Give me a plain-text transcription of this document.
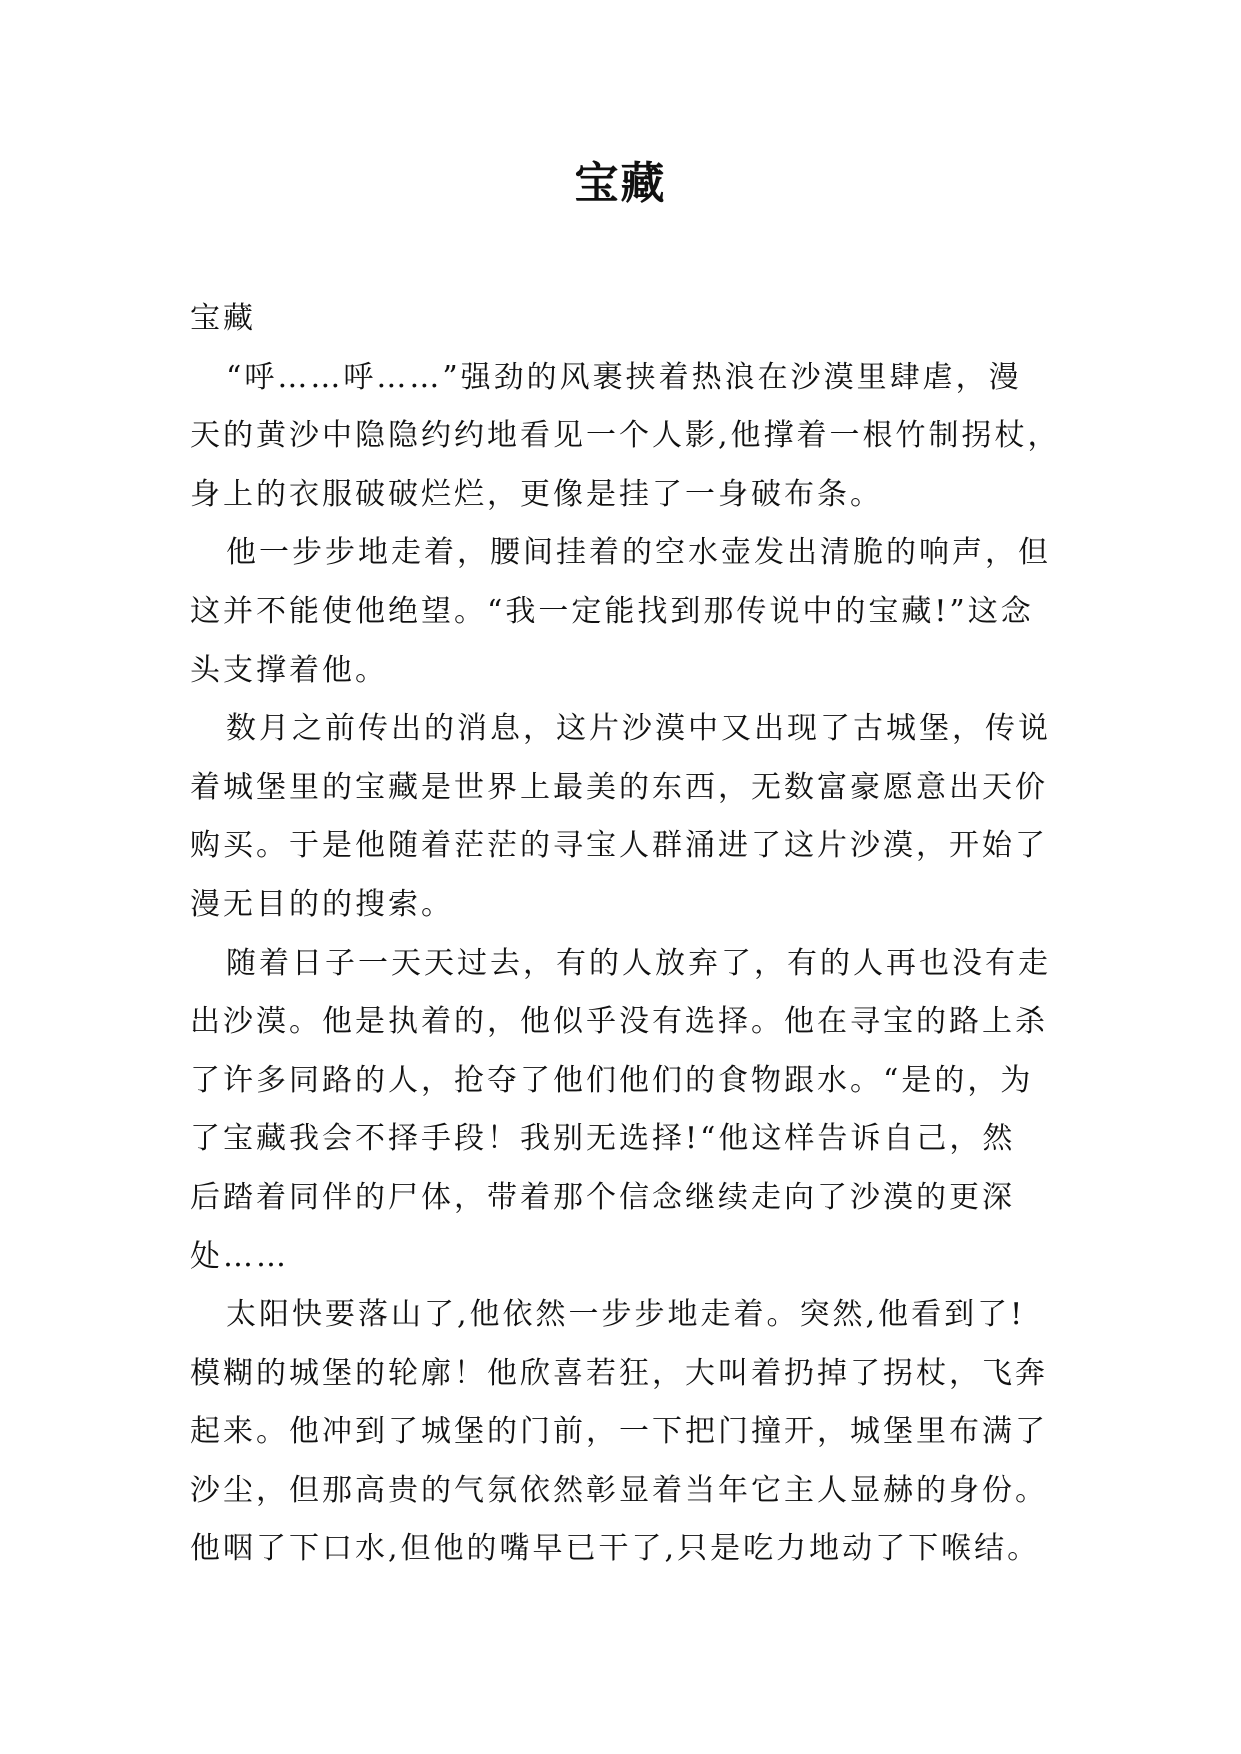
宝藏
宝藏
“呼……呼……”强劲的风裹挟着热浪在沙漠里肆虐，漫
天的黄沙中隐隐约约地看见一个人影,他撑着一根竹制拐杖，
身上的衣服破破烂烂，更像是挂了一身破布条。
他一步步地走着，腰间挂着的空水壶发出清脆的响声，但
这并不能使他绝望。“我一定能找到那传说中的宝藏!”这念
头支撑着他。
数月之前传出的消息，这片沙漠中又出现了古城堡，传说
着城堡里的宝藏是世界上最美的东西，无数富豪愿意出天价
购买。于是他随着茫茫的寻宝人群涌进了这片沙漠，开始了
漫无目的的搜索。
随着日子一天天过去，有的人放弃了，有的人再也没有走
出沙漠。他是执着的，他似乎没有选择。他在寻宝的路上杀
了许多同路的人，抢夺了他们他们的食物跟水。“是的，为
了宝藏我会不择手段！我别无选择!“他这样告诉自己，然
后踏着同伴的尸体，带着那个信念继续走向了沙漠的更深
处……
太阳快要落山了,他依然一步步地走着。突然,他看到了!
模糊的城堡的轮廓！他欣喜若狂，大叫着扔掉了拐杖，飞奔
起来。他冲到了城堡的门前，一下把门撞开，城堡里布满了
沙尘，但那高贵的气氛依然彰显着当年它主人显赫的身份。
他咽了下口水,但他的嘴早已干了,只是吃力地动了下喉结。
